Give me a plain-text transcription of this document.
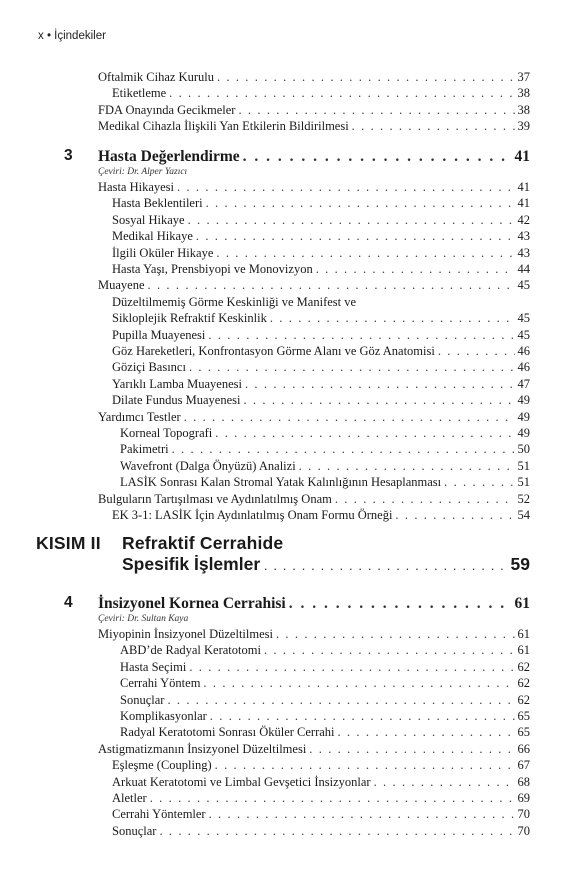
x • İçindekiler
3 Hasta Değerlendirme . . .	41
Çeviri: Dr. Alper Yazıcı
KISIM II Refraktif Cerrahide
Spesifik İşlemler . . .	59
4 İnsizyonel Kornea Cerrahisi . . .	61
Çeviri: Dr. Sultan Kaya
Oftalmik Cihaz Kurulu . . .	37
Etiketleme . . .	38
FDA Onayında Gecikmeler . . .	38
Medikal Cihazla İlişkili Yan Etkilerin Bildirilmesi . . .	39
Hasta Hikayesi . . .	41
Hasta Beklentileri . . .	41
Sosyal Hikaye . . .	42
Medikal Hikaye . . .	43
İlgili Oküler Hikaye . . .	43
Hasta Yaşı, Prensbiyopi ve Monovizyon . . .	44
Muayene . . .	45
Düzeltilmemiş Görme Keskinliği ve Manifest ve
Sikloplejik Refraktif Keskinlik . . .	45
Pupilla Muayenesi . . .	45
Göz Hareketleri, Konfrontasyon Görme Alanı ve Göz Anatomisi . . .	46
Göziçi Basıncı . . .	46
Yarıklı Lamba Muayenesi . . .	47
Dilate Fundus Muayenesi . . .	49
Yardımcı Testler . . .	49
Korneal Topografi . . .	49
Pakimetri . . .	50
Wavefront (Dalga Önyüzü) Analizi . . .	51
LASİK Sonrası Kalan Stromal Yatak Kalınlığının Hesaplanması . . .	51
Bulguların Tartışılması ve Aydınlatılmış Onam . . .	52
EK 3-1: LASİK İçin Aydınlatılmış Onam Formu Örneği . . .	54
Miyopinin İnsizyonel Düzeltilmesi . . .	61
ABD’de Radyal Keratotomi . . .	61
Hasta Seçimi . . .	62
Cerrahi Yöntem . . .	62
Sonuçlar . . .	62
Komplikasyonlar . . .	65
Radyal Keratotomi Sonrası Öküler Cerrahi . . .	65
Astigmatizmanın İnsizyonel Düzeltilmesi . . .	66
Eşleşme (Coupling) . . .	67
Arkuat Keratotomi ve Limbal Gevşetici İnsizyonlar . . .	68
Aletler . . .	69
Cerrahi Yöntemler . . .	70
Sonuçlar . . .	70
